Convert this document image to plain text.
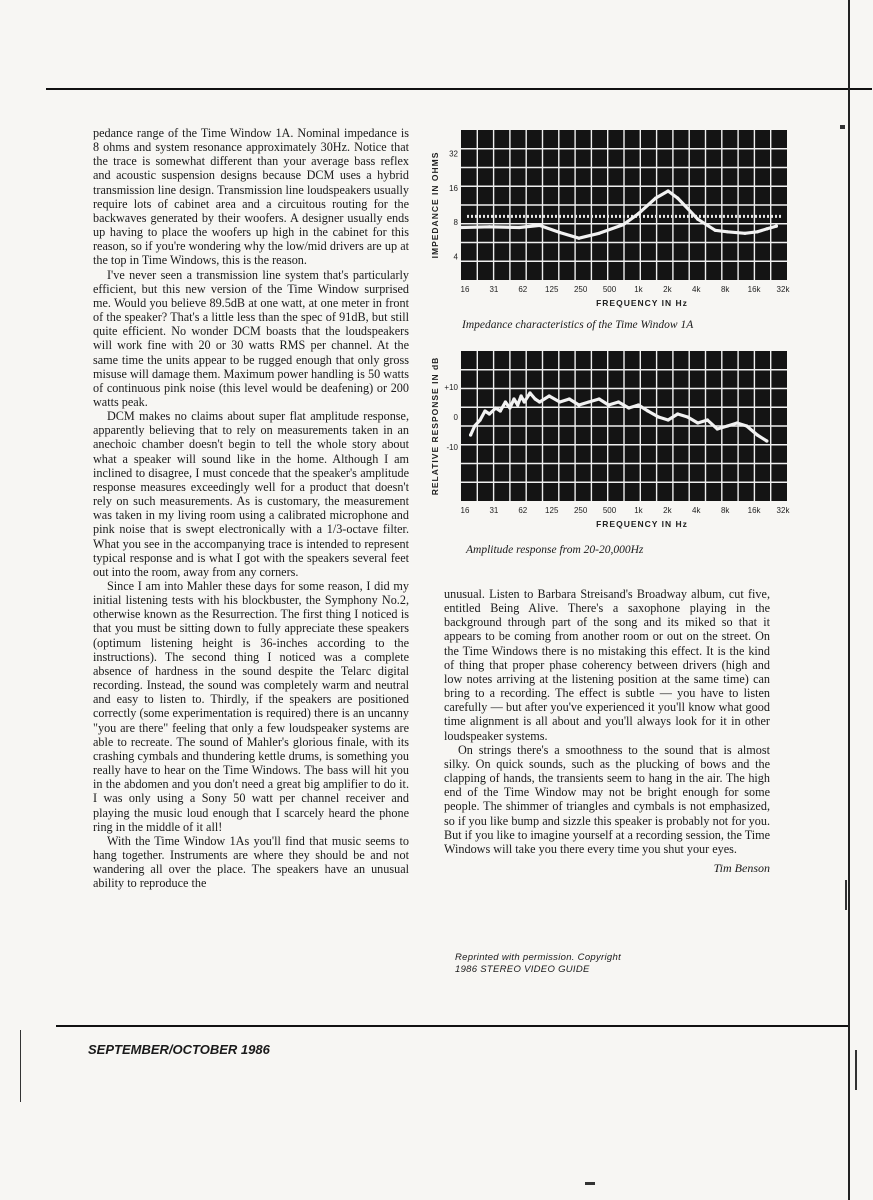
pedance range of the Time Window 1A. Nominal impedance is 8 ohms and system resonance approximately 30Hz. Notice that the trace is somewhat different than your average bass reflex and acoustic suspension designs because DCM uses a hybrid transmission line design. Transmission line loudspeakers usually require lots of cabinet area and a circuitous routing for the backwaves generated by their woofers. A designer usually ends up having to place the woofers up high in the cabinet for this reason, so if you're wondering why the low/mid drivers are up at the top in Time Windows, this is the reason.

I've never seen a transmission line system that's particularly efficient, but this new version of the Time Window surprised me. Would you believe 89.5dB at one watt, at one meter in front of the speaker? That's a little less than the spec of 91dB, but still quite efficient. No wonder DCM boasts that the loudspeakers will work fine with 20 or 30 watts RMS per channel. At the same time the units appear to be rugged enough that only gross misuse will damage them. Maximum power handling is 50 watts of continuous pink noise (this level would be deafening) or 200 watts peak.

DCM makes no claims about super flat amplitude response, apparently believing that to rely on measurements taken in an anechoic chamber doesn't begin to tell the whole story about what a speaker will sound like in the home. Although I am inclined to disagree, I must concede that the speaker's amplitude response measures exceedingly well for a product that doesn't rely on such measurements. As is customary, the measurement was taken in my living room using a calibrated microphone and pink noise that is swept electronically with a 1/3-octave filter. What you see in the accompanying trace is intended to represent typical response and is what I got with the speakers several feet out into the room, away from any corners.

Since I am into Mahler these days for some reason, I did my initial listening tests with his blockbuster, the Symphony No.2, otherwise known as the Resurrection. The first thing I noticed is that you must be sitting down to fully appreciate these speakers (optimum listening height is 36-inches according to the instructions). The second thing I noticed was a complete absence of hardness in the sound despite the Telarc digital recording. Instead, the sound was completely warm and neutral and easy to listen to. Thirdly, if the speakers are positioned correctly (some experimentation is required) there is an uncanny "you are there" feeling that only a few loudspeaker systems are able to recreate. The sound of Mahler's glorious finale, with its crashing cymbals and thundering kettle drums, is something you really have to hear on the Time Windows. The bass will hit you in the abdomen and you don't need a great big amplifier to do it. I was only using a Sony 50 watt per channel receiver and playing the music loud enough that I scarcely heard the phone ring in the middle of it all!

With the Time Window 1As you'll find that music seems to hang together. Instruments are where they should be and not wandering all over the place. The speakers have an unusual ability to reproduce the

16	31	62 125 250 500 1k	2k	4k	8k 16k 32k
FREQUENCY IN Hz
IMPEDANCE IN OHMS 32
16
8
4
Impedance characteristics of the Time Window 1A
16	31	62 125 250 500 1k	2k	4k	8k 16k 32k
FREQUENCY IN Hz
RELATIVE RESPONSE IN dB +10
0
-10
Amplitude response from 20-20,000Hz

unusual. Listen to Barbara Streisand's Broadway album, cut five, entitled Being Alive. There's a saxophone playing in the background through part of the song and its miked so that it appears to be coming from another room or out on the street. On the Time Windows there is no mistaking this effect. It is the kind of thing that proper phase coherency between drivers (high and low notes arriving at the listening position at the same time) can bring to a recording. The effect is subtle — you have to listen carefully — but after you've experienced it you'll know what good time alignment is all about and you'll always look for it in other loudspeaker systems.

On strings there's a smoothness to the sound that is almost silky. On quick sounds, such as the plucking of bows and the clapping of hands, the transients seem to hang in the air. The high end of the Time Window may not be bright enough for some people. The shimmer of triangles and cymbals is not emphasized, so if you like bump and sizzle this speaker is probably not for you. But if you like to imagine yourself at a recording session, the Time Windows will take you there every time you shut your eyes.

Tim Benson
Reprinted with permission. Copyright
1986 STEREO VIDEO GUIDE
SEPTEMBER/OCTOBER 1986
